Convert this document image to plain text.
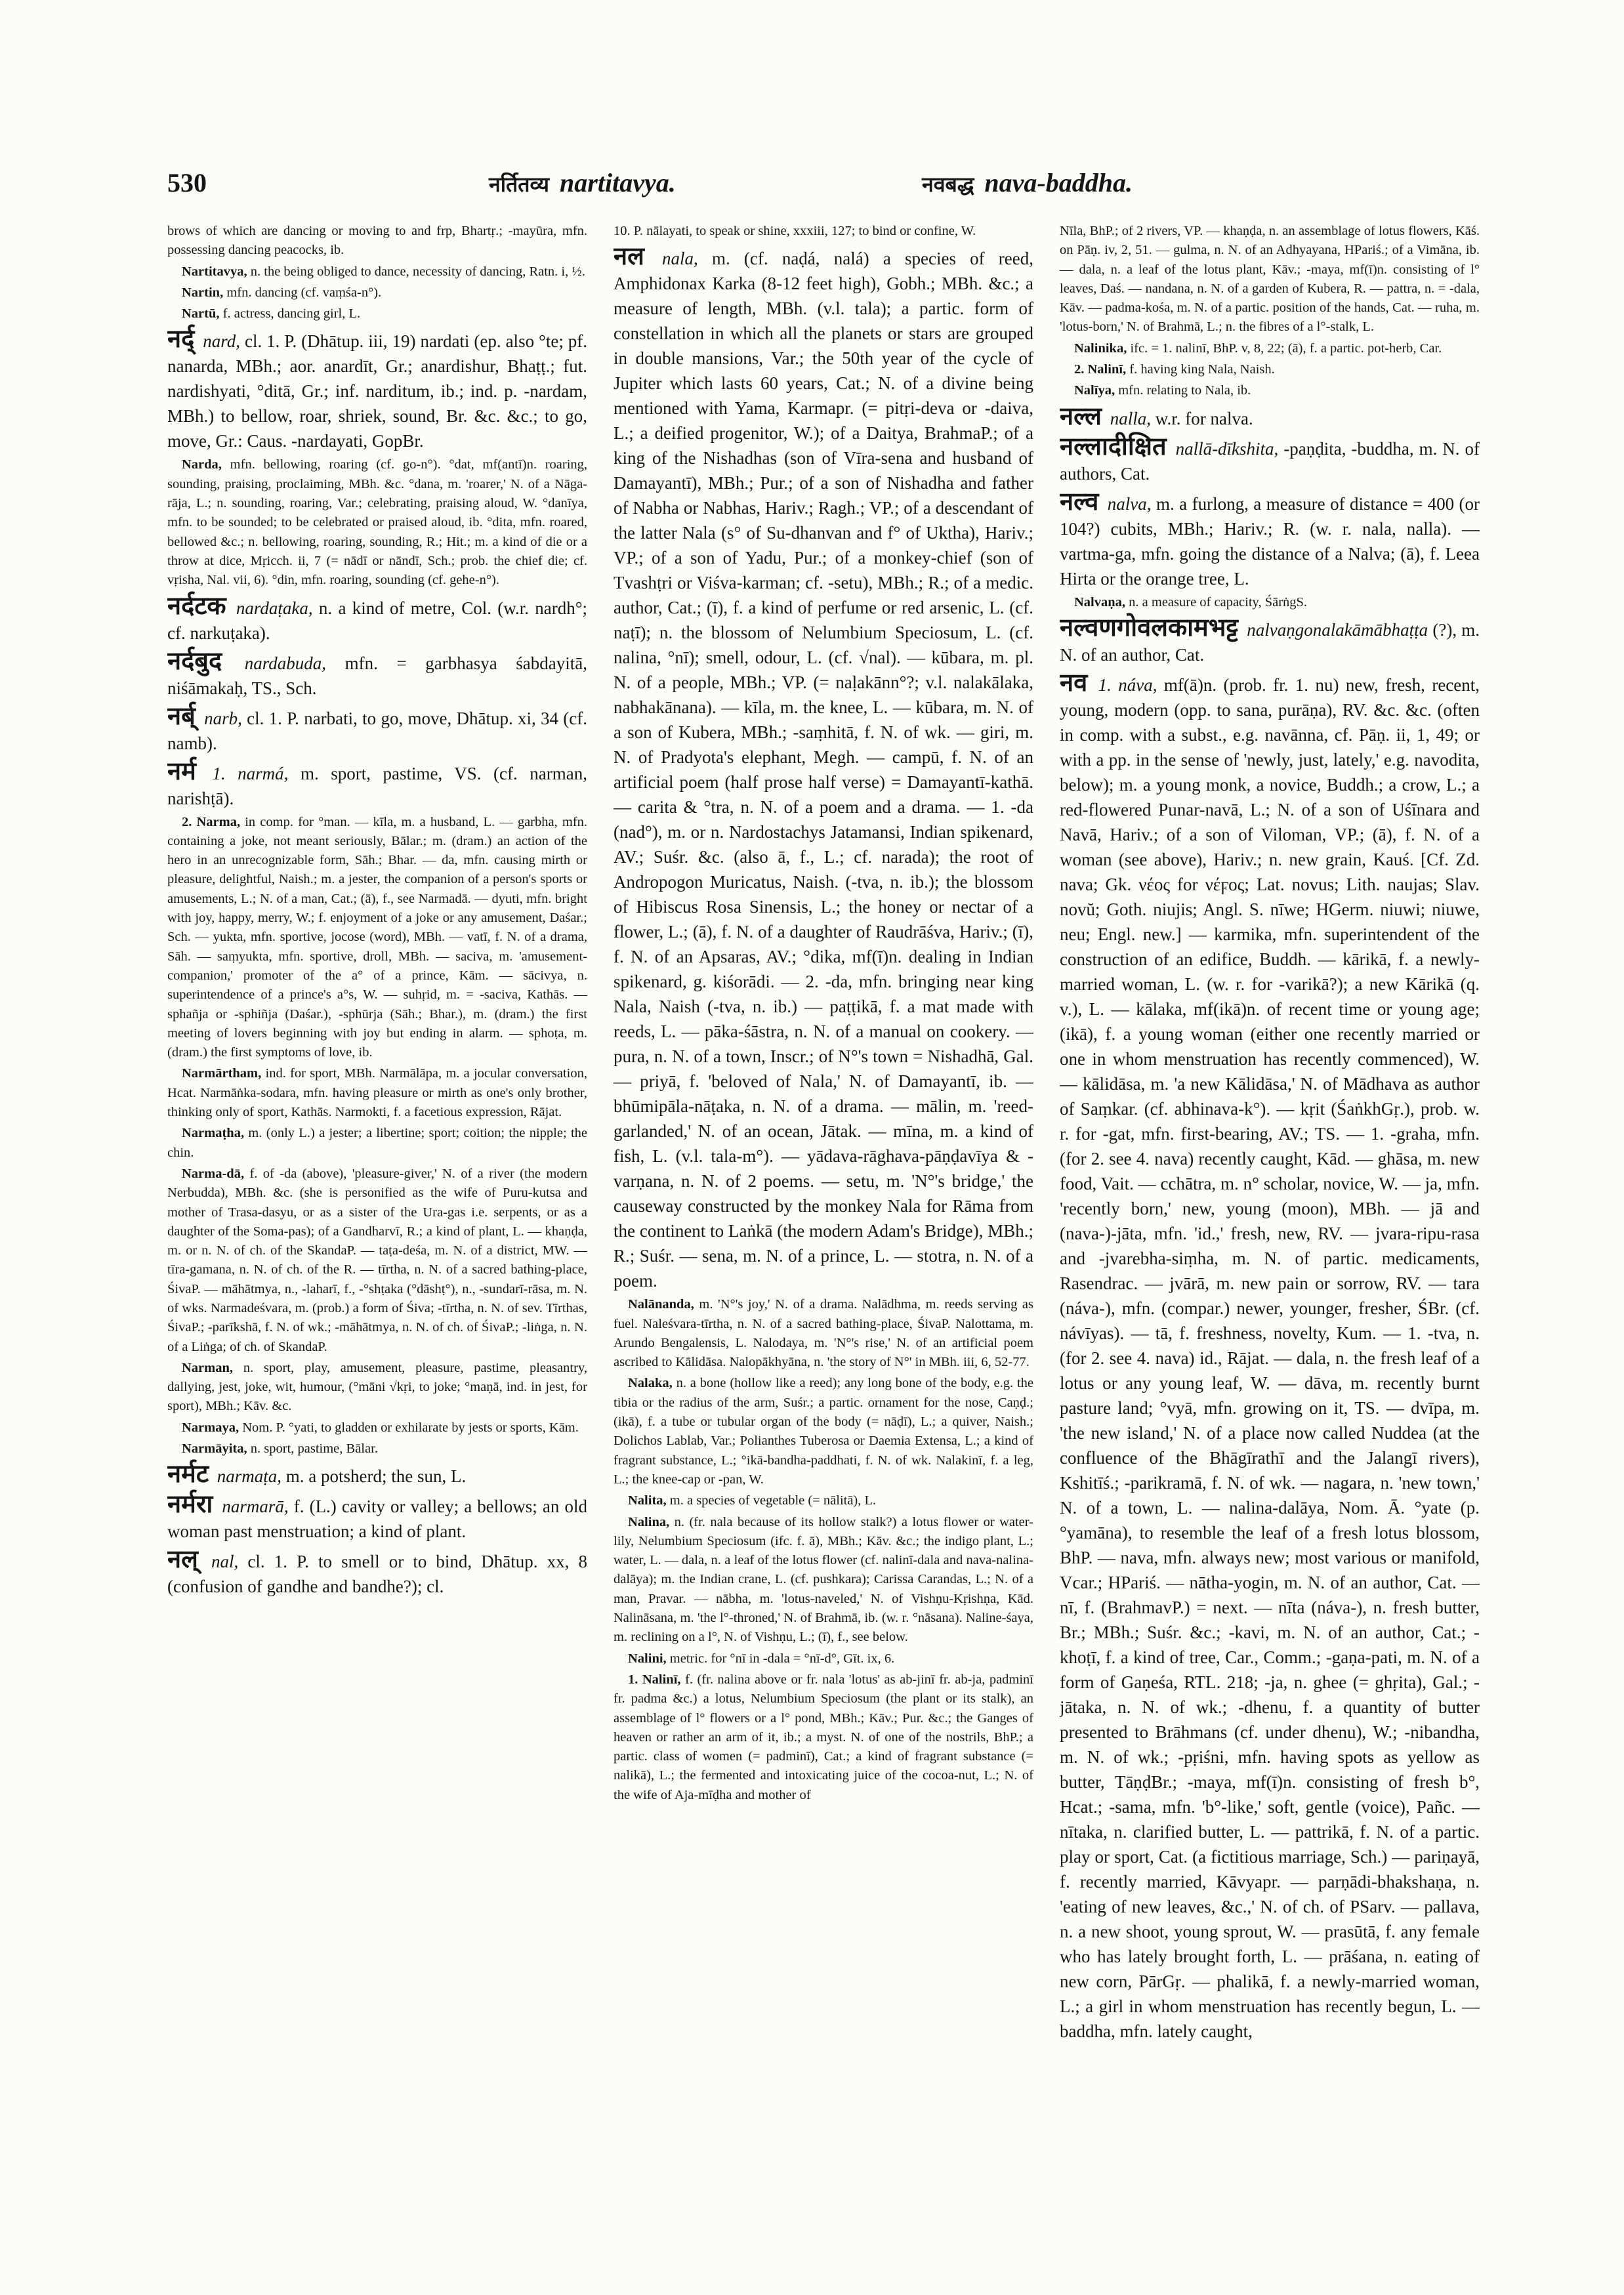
530	नर्तितव्य nartitavya.	नवबद्ध nava-baddha.

brows of which are dancing or moving to and frp, Bhartṛ.; -mayūra, mfn. possessing dancing peacocks, ib.

Nartitavya, n. the being obliged to dance, necessity of dancing, Ratn. i, ½.

Nartin, mfn. dancing (cf. vaṃśa-n°).

Nartū, f. actress, dancing girl, L.

नर्द् nard, cl. 1. P. (Dhātup. iii, 19) nardati (ep. also °te; pf. nanarda, MBh.; aor. anardīt, Gr.; anardishur, Bhaṭṭ.; fut. nardishyati, °ditā, Gr.; inf. narditum, ib.; ind. p. -nardam, MBh.) to bellow, roar, shriek, sound, Br. &c. &c.; to go, move, Gr.: Caus. -nardayati, GopBr.

Narda, mfn. bellowing, roaring (cf. go-n°). °dat, mf(antī)n. roaring, sounding, praising, proclaiming, MBh. &c. °dana, m. 'roarer,' N. of a Nāga-rāja, L.; n. sounding, roaring, Var.; celebrating, praising aloud, W. °danīya, mfn. to be sounded; to be celebrated or praised aloud, ib. °dita, mfn. roared, bellowed &c.; n. bellowing, roaring, sounding, R.; Hit.; m. a kind of die or a throw at dice, Mṛicch. ii, 7 (= nādī or nāndī, Sch.; prob. the chief die; cf. vṛisha, Nal. vii, 6). °din, mfn. roaring, sounding (cf. gehe-n°).

नर्दटक nardaṭaka, n. a kind of metre, Col. (w.r. nardh°; cf. narkuṭaka).

नर्दबुद nardabuda, mfn. = garbhasya śabdayitā, niśāmakaḥ, TS., Sch.

नर्ब् narb, cl. 1. P. narbati, to go, move, Dhātup. xi, 34 (cf. namb).

नर्म 1. narmá, m. sport, pastime, VS. (cf. narman, narishṭā).

2. Narma, in comp. for °man. — kīla, m. a husband, L. — garbha, mfn. containing a joke, not meant seriously, Bālar.; m. (dram.) an action of the hero in an unrecognizable form, Sāh.; Bhar. — da, mfn. causing mirth or pleasure, delightful, Naish.; m. a jester, the companion of a person's sports or amusements, L.; N. of a man, Cat.; (ā), f., see Narmadā. — dyuti, mfn. bright with joy, happy, merry, W.; f. enjoyment of a joke or any amusement, Daśar.; Sch. — yukta, mfn. sportive, jocose (word), MBh. — vatī, f. N. of a drama, Sāh. — saṃyukta, mfn. sportive, droll, MBh. — saciva, m. 'amusement-companion,' promoter of the a° of a prince, Kām. — sācivya, n. superintendence of a prince's a°s, W. — suhṛid, m. = -saciva, Kathās. — sphañja or -sphiñja (Daśar.), -sphūrja (Sāh.; Bhar.), m. (dram.) the first meeting of lovers beginning with joy but ending in alarm. — sphoṭa, m. (dram.) the first symptoms of love, ib.

Narmārtham, ind. for sport, MBh. Narmālāpa, m. a jocular conversation, Hcat. Narmāṅka-sodara, mfn. having pleasure or mirth as one's only brother, thinking only of sport, Kathās. Narmokti, f. a facetious expression, Rājat.

Narmaṭha, m. (only L.) a jester; a libertine; sport; coition; the nipple; the chin.

Narma-dā, f. of -da (above), 'pleasure-giver,' N. of a river (the modern Nerbudda), MBh. &c. (she is personified as the wife of Puru-kutsa and mother of Trasa-dasyu, or as a sister of the Ura-gas i.e. serpents, or as a daughter of the Soma-pas); of a Gandharvī, R.; a kind of plant, L. — khaṇḍa, m. or n. N. of ch. of the SkandaP. — taṭa-deśa, m. N. of a district, MW. — tīra-gamana, n. N. of ch. of the R. — tīrtha, n. N. of a sacred bathing-place, ŚivaP. — māhātmya, n., -laharī, f., -°shṭaka (°dāshṭ°), n., -sundarī-rāsa, m. N. of wks. Narmadeśvara, m. (prob.) a form of Śiva; -tīrtha, n. N. of sev. Tīrthas, ŚivaP.; -parīkshā, f. N. of wk.; -māhātmya, n. N. of ch. of ŚivaP.; -liṅga, n. N. of a Liṅga; of ch. of SkandaP.

Narman, n. sport, play, amusement, pleasure, pastime, pleasantry, dallying, jest, joke, wit, humour, (°māni √kṛi, to joke; °maṇā, ind. in jest, for sport), MBh.; Kāv. &c.

Narmaya, Nom. P. °yati, to gladden or exhilarate by jests or sports, Kām.

Narmāyita, n. sport, pastime, Bālar.

नर्मट narmaṭa, m. a potsherd; the sun, L.

नर्मरा narmarā, f. (L.) cavity or valley; a bellows; an old woman past menstruation; a kind of plant.

नल् nal, cl. 1. P. to smell or to bind, Dhātup. xx, 8 (confusion of gandhe and bandhe?); cl.

10. P. nālayati, to speak or shine, xxxiii, 127; to bind or confine, W.

नल nala, m. (cf. naḍá, nalá) a species of reed, Amphidonax Karka (8-12 feet high), Gobh.; MBh. &c.; a measure of length, MBh. (v.l. tala); a partic. form of constellation in which all the planets or stars are grouped in double mansions, Var.; the 50th year of the cycle of Jupiter which lasts 60 years, Cat.; N. of a divine being mentioned with Yama, Karmapr. (= pitṛi-deva or -daiva, L.; a deified progenitor, W.); of a Daitya, BrahmaP.; of a king of the Nishadhas (son of Vīra-sena and husband of Damayantī), MBh.; Pur.; of a son of Nishadha and father of Nabha or Nabhas, Hariv.; Ragh.; VP.; of a descendant of the latter Nala (s° of Su-dhanvan and f° of Uktha), Hariv.; VP.; of a son of Yadu, Pur.; of a monkey-chief (son of Tvashṭri or Viśva-karman; cf. -setu), MBh.; R.; of a medic. author, Cat.; (ī), f. a kind of perfume or red arsenic, L. (cf. naṭī); n. the blossom of Nelumbium Speciosum, L. (cf. nalina, °nī); smell, odour, L. (cf. √nal). — kūbara, m. pl. N. of a people, MBh.; VP. (= naḷakānn°?; v.l. nalakālaka, nabhakānana). — kīla, m. the knee, L. — kūbara, m. N. of a son of Kubera, MBh.; -saṃhitā, f. N. of wk. — giri, m. N. of Pradyota's elephant, Megh. — campū, f. N. of an artificial poem (half prose half verse) = Damayantī-kathā. — carita & °tra, n. N. of a poem and a drama. — 1. -da (nad°), m. or n. Nardostachys Jatamansi, Indian spikenard, AV.; Suśr. &c. (also ā, f., L.; cf. narada); the root of Andropogon Muricatus, Naish. (-tva, n. ib.); the blossom of Hibiscus Rosa Sinensis, L.; the honey or nectar of a flower, L.; (ā), f. N. of a daughter of Raudrāśva, Hariv.; (ī), f. N. of an Apsaras, AV.; °dika, mf(ī)n. dealing in Indian spikenard, g. kiśorādi. — 2. -da, mfn. bringing near king Nala, Naish (-tva, n. ib.) — paṭṭikā, f. a mat made with reeds, L. — pāka-śāstra, n. N. of a manual on cookery. — pura, n. N. of a town, Inscr.; of N°'s town = Nishadhā, Gal. — priyā, f. 'beloved of Nala,' N. of Damayantī, ib. — bhūmipāla-nāṭaka, n. N. of a drama. — mālin, m. 'reed-garlanded,' N. of an ocean, Jātak. — mīna, m. a kind of fish, L. (v.l. tala-m°). — yādava-rāghava-pāṇḍavīya & -varṇana, n. N. of 2 poems. — setu, m. 'N°'s bridge,' the causeway constructed by the monkey Nala for Rāma from the continent to Laṅkā (the modern Adam's Bridge), MBh.; R.; Suśr. — sena, m. N. of a prince, L. — stotra, n. N. of a poem.

Nalānanda, m. 'N°'s joy,' N. of a drama. Nalādhma, m. reeds serving as fuel. Naleśvara-tīrtha, n. N. of a sacred bathing-place, ŚivaP. Nalottama, m. Arundo Bengalensis, L. Nalodaya, m. 'N°'s rise,' N. of an artificial poem ascribed to Kālidāsa. Nalopākhyāna, n. 'the story of N°' in MBh. iii, 6, 52-77.

Nalaka, n. a bone (hollow like a reed); any long bone of the body, e.g. the tibia or the radius of the arm, Suśr.; a partic. ornament for the nose, Caṇḍ.; (ikā), f. a tube or tubular organ of the body (= nāḍī), L.; a quiver, Naish.; Dolichos Lablab, Var.; Polianthes Tuberosa or Daemia Extensa, L.; a kind of fragrant substance, L.; °ikā-bandha-paddhati, f. N. of wk. Nalakinī, f. a leg, L.; the knee-cap or -pan, W.

Nalita, m. a species of vegetable (= nālitā), L.

Nalina, n. (fr. nala because of its hollow stalk?) a lotus flower or water-lily, Nelumbium Speciosum (ifc. f. ā), MBh.; Kāv. &c.; the indigo plant, L.; water, L. — dala, n. a leaf of the lotus flower (cf. nalinī-dala and nava-nalina-dalāya); m. the Indian crane, L. (cf. pushkara); Carissa Carandas, L.; N. of a man, Pravar. — nābha, m. 'lotus-naveled,' N. of Vishṇu-Kṛishṇa, Kād. Nalināsana, m. 'the l°-throned,' N. of Brahmā, ib. (w. r. °nāsana). Naline-śaya, m. reclining on a l°, N. of Vishṇu, L.; (ī), f., see below.

Nalini, metric. for °nī in -dala = °nī-d°, Gīt. ix, 6.

1. Nalinī, f. (fr. nalina above or fr. nala 'lotus' as ab-jinī fr. ab-ja, padminī fr. padma &c.) a lotus, Nelumbium Speciosum (the plant or its stalk), an assemblage of l° flowers or a l° pond, MBh.; Kāv.; Pur. &c.; the Ganges of heaven or rather an arm of it, ib.; a myst. N. of one of the nostrils, BhP.; a partic. class of women (= padminī), Cat.; a kind of fragrant substance (= nalikā), L.; the fermented and intoxicating juice of the cocoa-nut, L.; N. of the wife of Aja-mīḍha and mother of

Nīla, BhP.; of 2 rivers, VP. — khaṇḍa, n. an assemblage of lotus flowers, Kāś. on Pāṇ. iv, 2, 51. — gulma, n. N. of an Adhyayana, HPariś.; of a Vimāna, ib. — dala, n. a leaf of the lotus plant, Kāv.; -maya, mf(ī)n. consisting of l° leaves, Daś. — nandana, n. N. of a garden of Kubera, R. — pattra, n. = -dala, Kāv. — padma-kośa, m. N. of a partic. position of the hands, Cat. — ruha, m. 'lotus-born,' N. of Brahmā, L.; n. the fibres of a l°-stalk, L.

Nalinika, ifc. = 1. nalinī, BhP. v, 8, 22; (ā), f. a partic. pot-herb, Car.

2. Nalinī, f. having king Nala, Naish.

Nalīya, mfn. relating to Nala, ib.

नल्ल nalla, w.r. for nalva.

नल्लादीक्षित nallā-dīkshita, -paṇḍita, -buddha, m. N. of authors, Cat.

नल्व nalva, m. a furlong, a measure of distance = 400 (or 104?) cubits, MBh.; Hariv.; R. (w. r. nala, nalla). — vartma-ga, mfn. going the distance of a Nalva; (ā), f. Leea Hirta or the orange tree, L.

Nalvaṇa, n. a measure of capacity, ŚārṅgS.

नल्वणगोवलकामभट्ट nalvaṇgonalakāmābhaṭṭa (?), m. N. of an author, Cat.

नव 1. náva, mf(ā)n. (prob. fr. 1. nu) new, fresh, recent, young, modern (opp. to sana, purāṇa), RV. &c. &c. (often in comp. with a subst., e.g. navānna, cf. Pāṇ. ii, 1, 49; or with a pp. in the sense of 'newly, just, lately,' e.g. navodita, below); m. a young monk, a novice, Buddh.; a crow, L.; a red-flowered Punar-navā, L.; N. of a son of Uśīnara and Navā, Hariv.; of a son of Viloman, VP.; (ā), f. N. of a woman (see above), Hariv.; n. new grain, Kauś. [Cf. Zd. nava; Gk. νέος for νέϝος; Lat. novus; Lith. naujas; Slav. novŭ; Goth. niujis; Angl. S. nīwe; HGerm. niuwi; niuwe, neu; Engl. new.] — karmika, mfn. superintendent of the construction of an edifice, Buddh. — kārikā, f. a newly-married woman, L. (w. r. for -varikā?); a new Kārikā (q. v.), L. — kālaka, mf(ikā)n. of recent time or young age; (ikā), f. a young woman (either one recently married or one in whom menstruation has recently commenced), W. — kālidāsa, m. 'a new Kālidāsa,' N. of Mādhava as author of Saṃkar. (cf. abhinava-k°). — kṛit (ŚaṅkhGṛ.), prob. w. r. for -gat, mfn. first-bearing, AV.; TS. — 1. -graha, mfn. (for 2. see 4. nava) recently caught, Kād. — ghāsa, m. new food, Vait. — cchātra, m. n° scholar, novice, W. — ja, mfn. 'recently born,' new, young (moon), MBh. — jā and (nava-)-jāta, mfn. 'id.,' fresh, new, RV. — jvara-ripu-rasa and -jvarebha-siṃha, m. N. of partic. medicaments, Rasendrac. — jvārā, m. new pain or sorrow, RV. — tara (náva-), mfn. (compar.) newer, younger, fresher, ŚBr. (cf. návīyas). — tā, f. freshness, novelty, Kum. — 1. -tva, n. (for 2. see 4. nava) id., Rājat. — dala, n. the fresh leaf of a lotus or any young leaf, W. — dāva, m. recently burnt pasture land; °vyā, mfn. growing on it, TS. — dvīpa, m. 'the new island,' N. of a place now called Nuddea (at the confluence of the Bhāgīrathī and the Jalangī rivers), Kshitīś.; -parikramā, f. N. of wk. — nagara, n. 'new town,' N. of a town, L. — nalina-dalāya, Nom. Ā. °yate (p. °yamāna), to resemble the leaf of a fresh lotus blossom, BhP. — nava, mfn. always new; most various or manifold, Vcar.; HPariś. — nātha-yogin, m. N. of an author, Cat. — nī, f. (BrahmavP.) = next. — nīta (náva-), n. fresh butter, Br.; MBh.; Suśr. &c.; -kavi, m. N. of an author, Cat.; -khoṭī, f. a kind of tree, Car., Comm.; -gaṇa-pati, m. N. of a form of Gaṇeśa, RTL. 218; -ja, n. ghee (= ghṛita), Gal.; -jātaka, n. N. of wk.; -dhenu, f. a quantity of butter presented to Brāhmans (cf. under dhenu), W.; -nibandha, m. N. of wk.; -pṛiśni, mfn. having spots as yellow as butter, TāṇḍBr.; -maya, mf(ī)n. consisting of fresh b°, Hcat.; -sama, mfn. 'b°-like,' soft, gentle (voice), Pañc. — nītaka, n. clarified butter, L. — pattrikā, f. N. of a partic. play or sport, Cat. (a fictitious marriage, Sch.) — pariṇayā, f. recently married, Kāvyapr. — parṇādi-bhakshaṇa, n. 'eating of new leaves, &c.,' N. of ch. of PSarv. — pallava, n. a new shoot, young sprout, W. — prasūtā, f. any female who has lately brought forth, L. — prāśana, n. eating of new corn, PārGṛ. — phalikā, f. a newly-married woman, L.; a girl in whom menstruation has recently begun, L. — baddha, mfn. lately caught,
